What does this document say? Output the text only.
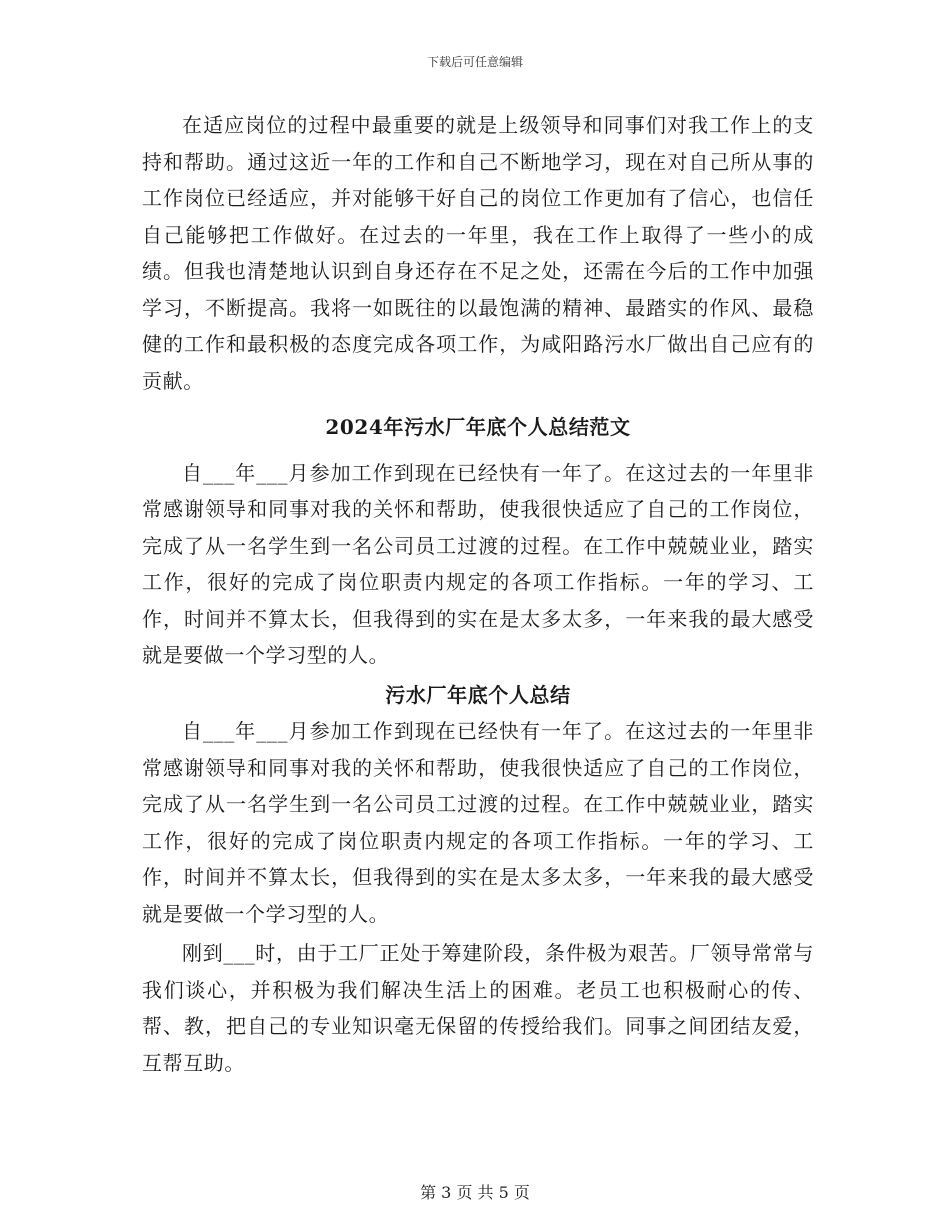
下载后可任意编辑

在适应岗位的过程中最重要的就是上级领导和同事们对我工作上的支持和帮助。通过这近一年的工作和自己不断地学习，现在对自己所从事的工作岗位已经适应，并对能够干好自己的岗位工作更加有了信心，也信任自己能够把工作做好。在过去的一年里，我在工作上取得了一些小的成绩。但我也清楚地认识到自身还存在不足之处，还需在今后的工作中加强学习，不断提高。我将一如既往的以最饱满的精神、最踏实的作风、最稳健的工作和最积极的态度完成各项工作，为咸阳路污水厂做出自己应有的贡献。

2024年污水厂年底个人总结范文

自___年___月参加工作到现在已经快有一年了。在这过去的一年里非常感谢领导和同事对我的关怀和帮助，使我很快适应了自己的工作岗位，完成了从一名学生到一名公司员工过渡的过程。在工作中兢兢业业，踏实工作，很好的完成了岗位职责内规定的各项工作指标。一年的学习、工作，时间并不算太长，但我得到的实在是太多太多，一年来我的最大感受就是要做一个学习型的人。

污水厂年底个人总结

自___年___月参加工作到现在已经快有一年了。在这过去的一年里非常感谢领导和同事对我的关怀和帮助，使我很快适应了自己的工作岗位，完成了从一名学生到一名公司员工过渡的过程。在工作中兢兢业业，踏实工作，很好的完成了岗位职责内规定的各项工作指标。一年的学习、工作，时间并不算太长，但我得到的实在是太多太多，一年来我的最大感受就是要做一个学习型的人。

刚到___时，由于工厂正处于筹建阶段，条件极为艰苦。厂领导常常与我们谈心，并积极为我们解决生活上的困难。老员工也积极耐心的传、帮、教，把自己的专业知识毫无保留的传授给我们。同事之间团结友爱，互帮互助。

第 3 页 共 5 页
